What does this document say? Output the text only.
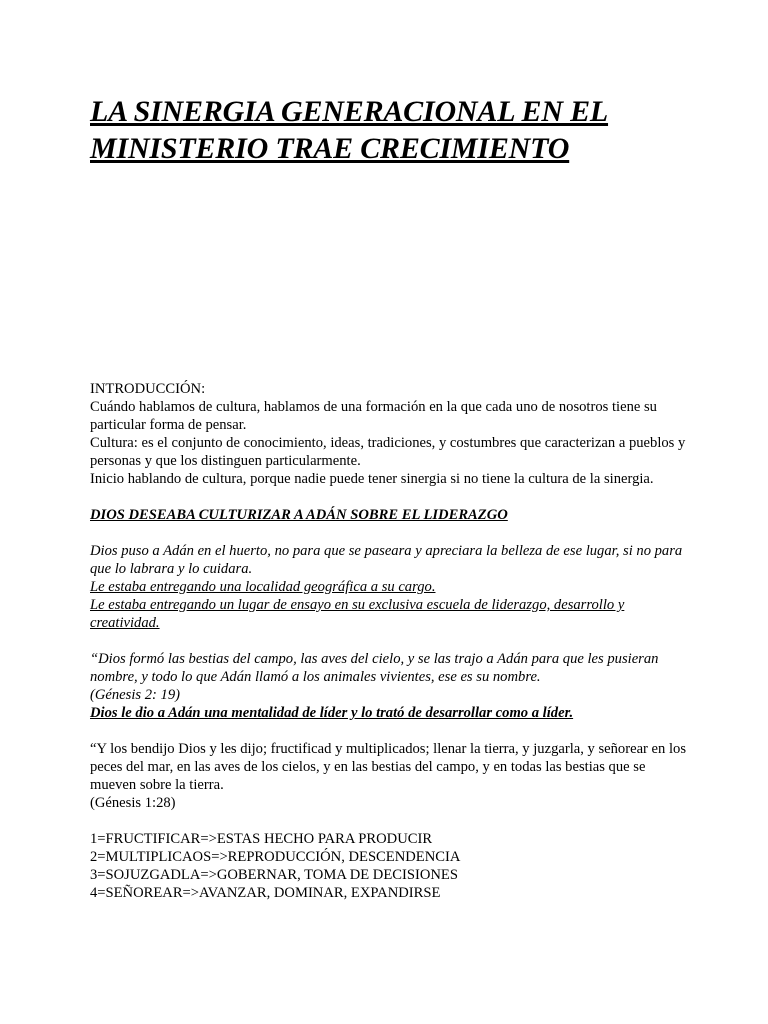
LA SINERGIA GENERACIONAL EN EL
MINISTERIO TRAE CRECIMIENTO

INTRODUCCIÓN:

Cuándo hablamos de cultura, hablamos de una formación en la que cada uno de nosotros tiene su particular forma de pensar.

Cultura: es el conjunto de conocimiento, ideas, tradiciones, y costumbres que caracterizan a pueblos y personas y que los distinguen particularmente.

Inicio hablando de cultura, porque nadie puede tener sinergia si no tiene la cultura de la sinergia.

DIOS DESEABA CULTURIZAR A ADÁN SOBRE EL LIDERAZGO

Dios puso a Adán en el huerto, no para que se paseara y apreciara la belleza de ese lugar, si no para que lo labrara y lo cuidara.

Le estaba entregando una localidad geográfica a su cargo.

Le estaba entregando un lugar de ensayo en su exclusiva escuela de liderazgo, desarrollo y creatividad.

“Dios formó las bestias del campo, las aves del cielo, y se las trajo a Adán para que les pusieran nombre, y todo lo que Adán llamó a los animales vivientes, ese es su nombre.

(Génesis 2: 19)

Dios le dio a Adán una mentalidad de líder y lo trató de desarrollar como a líder.

“Y los bendijo Dios y les dijo; fructificad y multiplicados; llenar la tierra, y juzgarla, y señorear en los peces del mar, en las aves de los cielos, y en las bestias del campo, y en todas las bestias que se mueven sobre la tierra.

(Génesis 1:28)

1=FRUCTIFICAR=>ESTAS HECHO PARA PRODUCIR

2=MULTIPLICAOS=>REPRODUCCIÓN, DESCENDENCIA

3=SOJUZGADLA=>GOBERNAR, TOMA DE DECISIONES

4=SEÑOREAR=>AVANZAR, DOMINAR, EXPANDIRSE
